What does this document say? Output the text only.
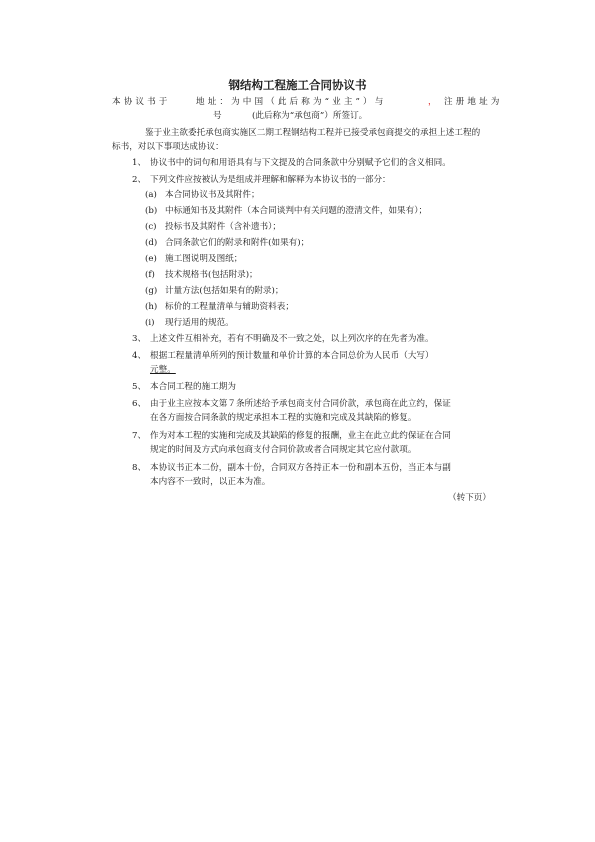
钢结构工程施工合同协议书
本协议书于	地址：为中国（此后称为“业主”）与	， 注册地址为
号	(此后称为“承包商”）所签订。
鉴于业主欲委托承包商实施区二期工程钢结构工程并已接受承包商提交的承担上述工程的
标书，对以下事项达成协议：
1、 协议书中的词句和用语具有与下文提及的合同条款中分别赋予它们的含义相同。
2、 下列文件应按被认为是组成并理解和解释为本协议书的一部分：
(a) 本合同协议书及其附件；
(b) 中标通知书及其附件（本合同谈判中有关问题的澄清文件，如果有）；
(c) 投标书及其附件（含补遗书）；
(d) 合同条款它们的附录和附件(如果有)；
(e) 施工图说明及图纸；
(f) 技术规格书(包括附录)；
(g) 计量方法(包括如果有的附录)；
(h) 标价的工程量清单与辅助资料表；
(i) 现行适用的规范。
3、 上述文件互相补充，若有不明确及不一致之处，以上列次序的在先者为准。
4、 根据工程量清单所列的预计数量和单价计算的本合同总价为人民币（大写）
元整。
5、 本合同工程的施工期为
6、 由于业主应按本文第７条所述给予承包商支付合同价款，承包商在此立约，保证
在各方面按合同条款的规定承担本工程的实施和完成及其缺陷的修复。
7、 作为对本工程的实施和完成及其缺陷的修复的报酬，业主在此立此约保证在合同
规定的时间及方式向承包商支付合同价款或者合同规定其它应付款项。
8、 本协议书正本二份，副本十份，合同双方各持正本一份和副本五份，当正本与副
本内容不一致时，以正本为准。
（转下页）
